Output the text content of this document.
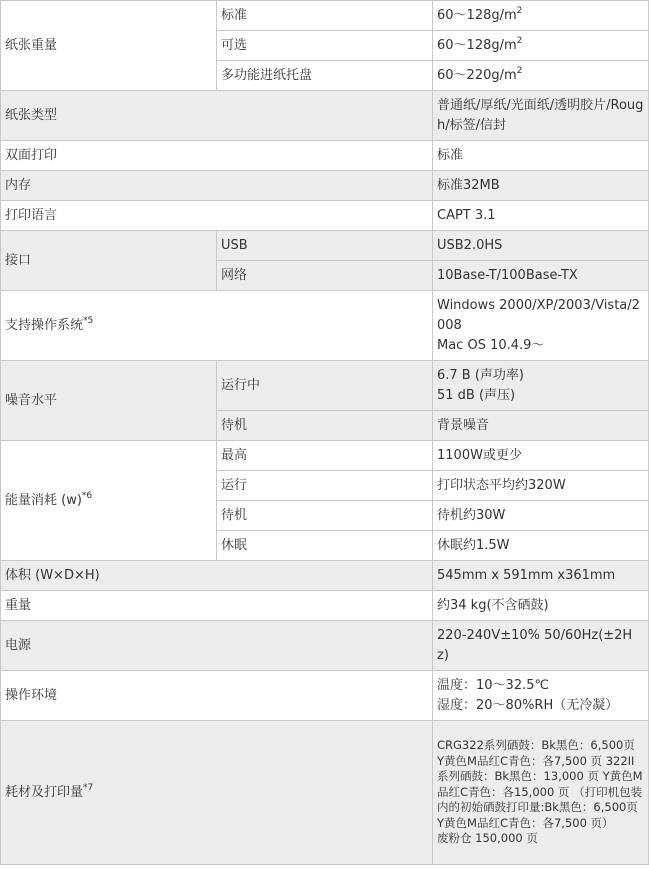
纸张重量	标准	$60\sim 128g/m^2$
	可选	$60\sim 128g/m^2$
	多功能进纸托盘	$60\sim 220g/m^2$
纸张类型		普通纸/厚纸/光面纸/透明胶片/Rough/标签/信封
双面打印		标准
内存		标准32MB
打印语言		CAPT 3.1
接口	USB	USB2.0HS
	网络	10Base-T/100Base-TX
支持操作系统$^{*5}$		Windows 2000/XP/2003/Vista/2008
Mac OS 10.4.9～

噪音水平	运行中	6.7 B (声功率)
51 dB (声压)

	待机	背景噪音
能量消耗 $(w)^{*6}$	最高	1100W或更少
	运行	打印状态平均约320W
	待机	待机约30W
	休眠	休眠约1.5W
体积 (W×D×H)		545mm x 591mm x361mm
重量		约34 kg(不含硒鼓)
电源		220-240V±10% 50/60Hz(±2Hz)
操作环境		温度：10～32.5℃
湿度：20～80%RH（无冷凝）

耗材及打印量$^{*7}$		CRG322系列硒鼓：Bk黑色：6,500页 Y黄色M品红C青色：各7,500 页 322II系列硒鼓：Bk黑色：13,000 页 Y黄色M品红C青色：各15,000 页 （打印机包装内的初始硒鼓打印量:Bk黑色：6,500页 Y黄色M品红C青色：各7,500 页）
废粉仓 150,000 页
